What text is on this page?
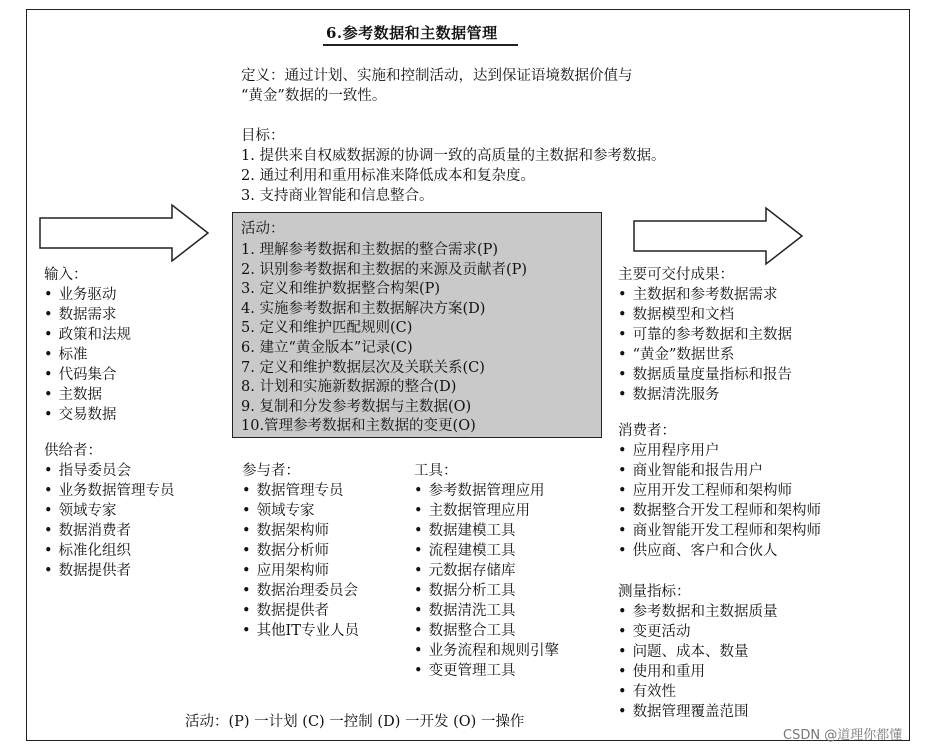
6.参考数据和主数据管理
定义：通过计划、实施和控制活动，达到保证语境数据价值与
“黄金”数据的一致性。
目标：
1. 提供来自权威数据源的协调一致的高质量的主数据和参考数据。
2. 通过利用和重用标准来降低成本和复杂度。
3. 支持商业智能和信息整合。
活动：
1. 理解参考数据和主数据的整合需求(P)
2. 识别参考数据和主数据的来源及贡献者(P)
3. 定义和维护数据整合构架(P)
4. 实施参考数据和主数据解决方案(D)
5. 定义和维护匹配规则(C)
6. 建立“黄金版本”记录(C)
7. 定义和维护数据层次及关联关系(C)
8. 计划和实施新数据源的整合(D)
9. 复制和分发参考数据与主数据(O)
10.管理参考数据和主数据的变更(O)
输入：
• 业务驱动
• 数据需求
• 政策和法规
• 标准
• 代码集合
• 主数据
• 交易数据
供给者：
• 指导委员会
• 业务数据管理专员
• 领域专家
• 数据消费者
• 标准化组织
• 数据提供者
参与者：
• 数据管理专员
• 领域专家
• 数据架构师
• 数据分析师
• 应用架构师
• 数据治理委员会
• 数据提供者
• 其他IT专业人员
工具：
• 参考数据管理应用
• 主数据管理应用
• 数据建模工具
• 流程建模工具
• 元数据存储库
• 数据分析工具
• 数据清洗工具
• 数据整合工具
• 业务流程和规则引擎
• 变更管理工具
主要可交付成果：
• 主数据和参考数据需求
• 数据模型和文档
• 可靠的参考数据和主数据
• “黄金”数据世系
• 数据质量度量指标和报告
• 数据清洗服务
消费者：
• 应用程序用户
• 商业智能和报告用户
• 应用开发工程师和架构师
• 数据整合开发工程师和架构师
• 商业智能开发工程师和架构师
• 供应商、客户和合伙人
测量指标：
• 参考数据和主数据质量
• 变更活动
• 问题、成本、数量
• 使用和重用
• 有效性
• 数据管理覆盖范围
活动：(P) 一计划 (C) 一控制 (D) 一开发 (O) 一操作
CSDN @道理你都懂
